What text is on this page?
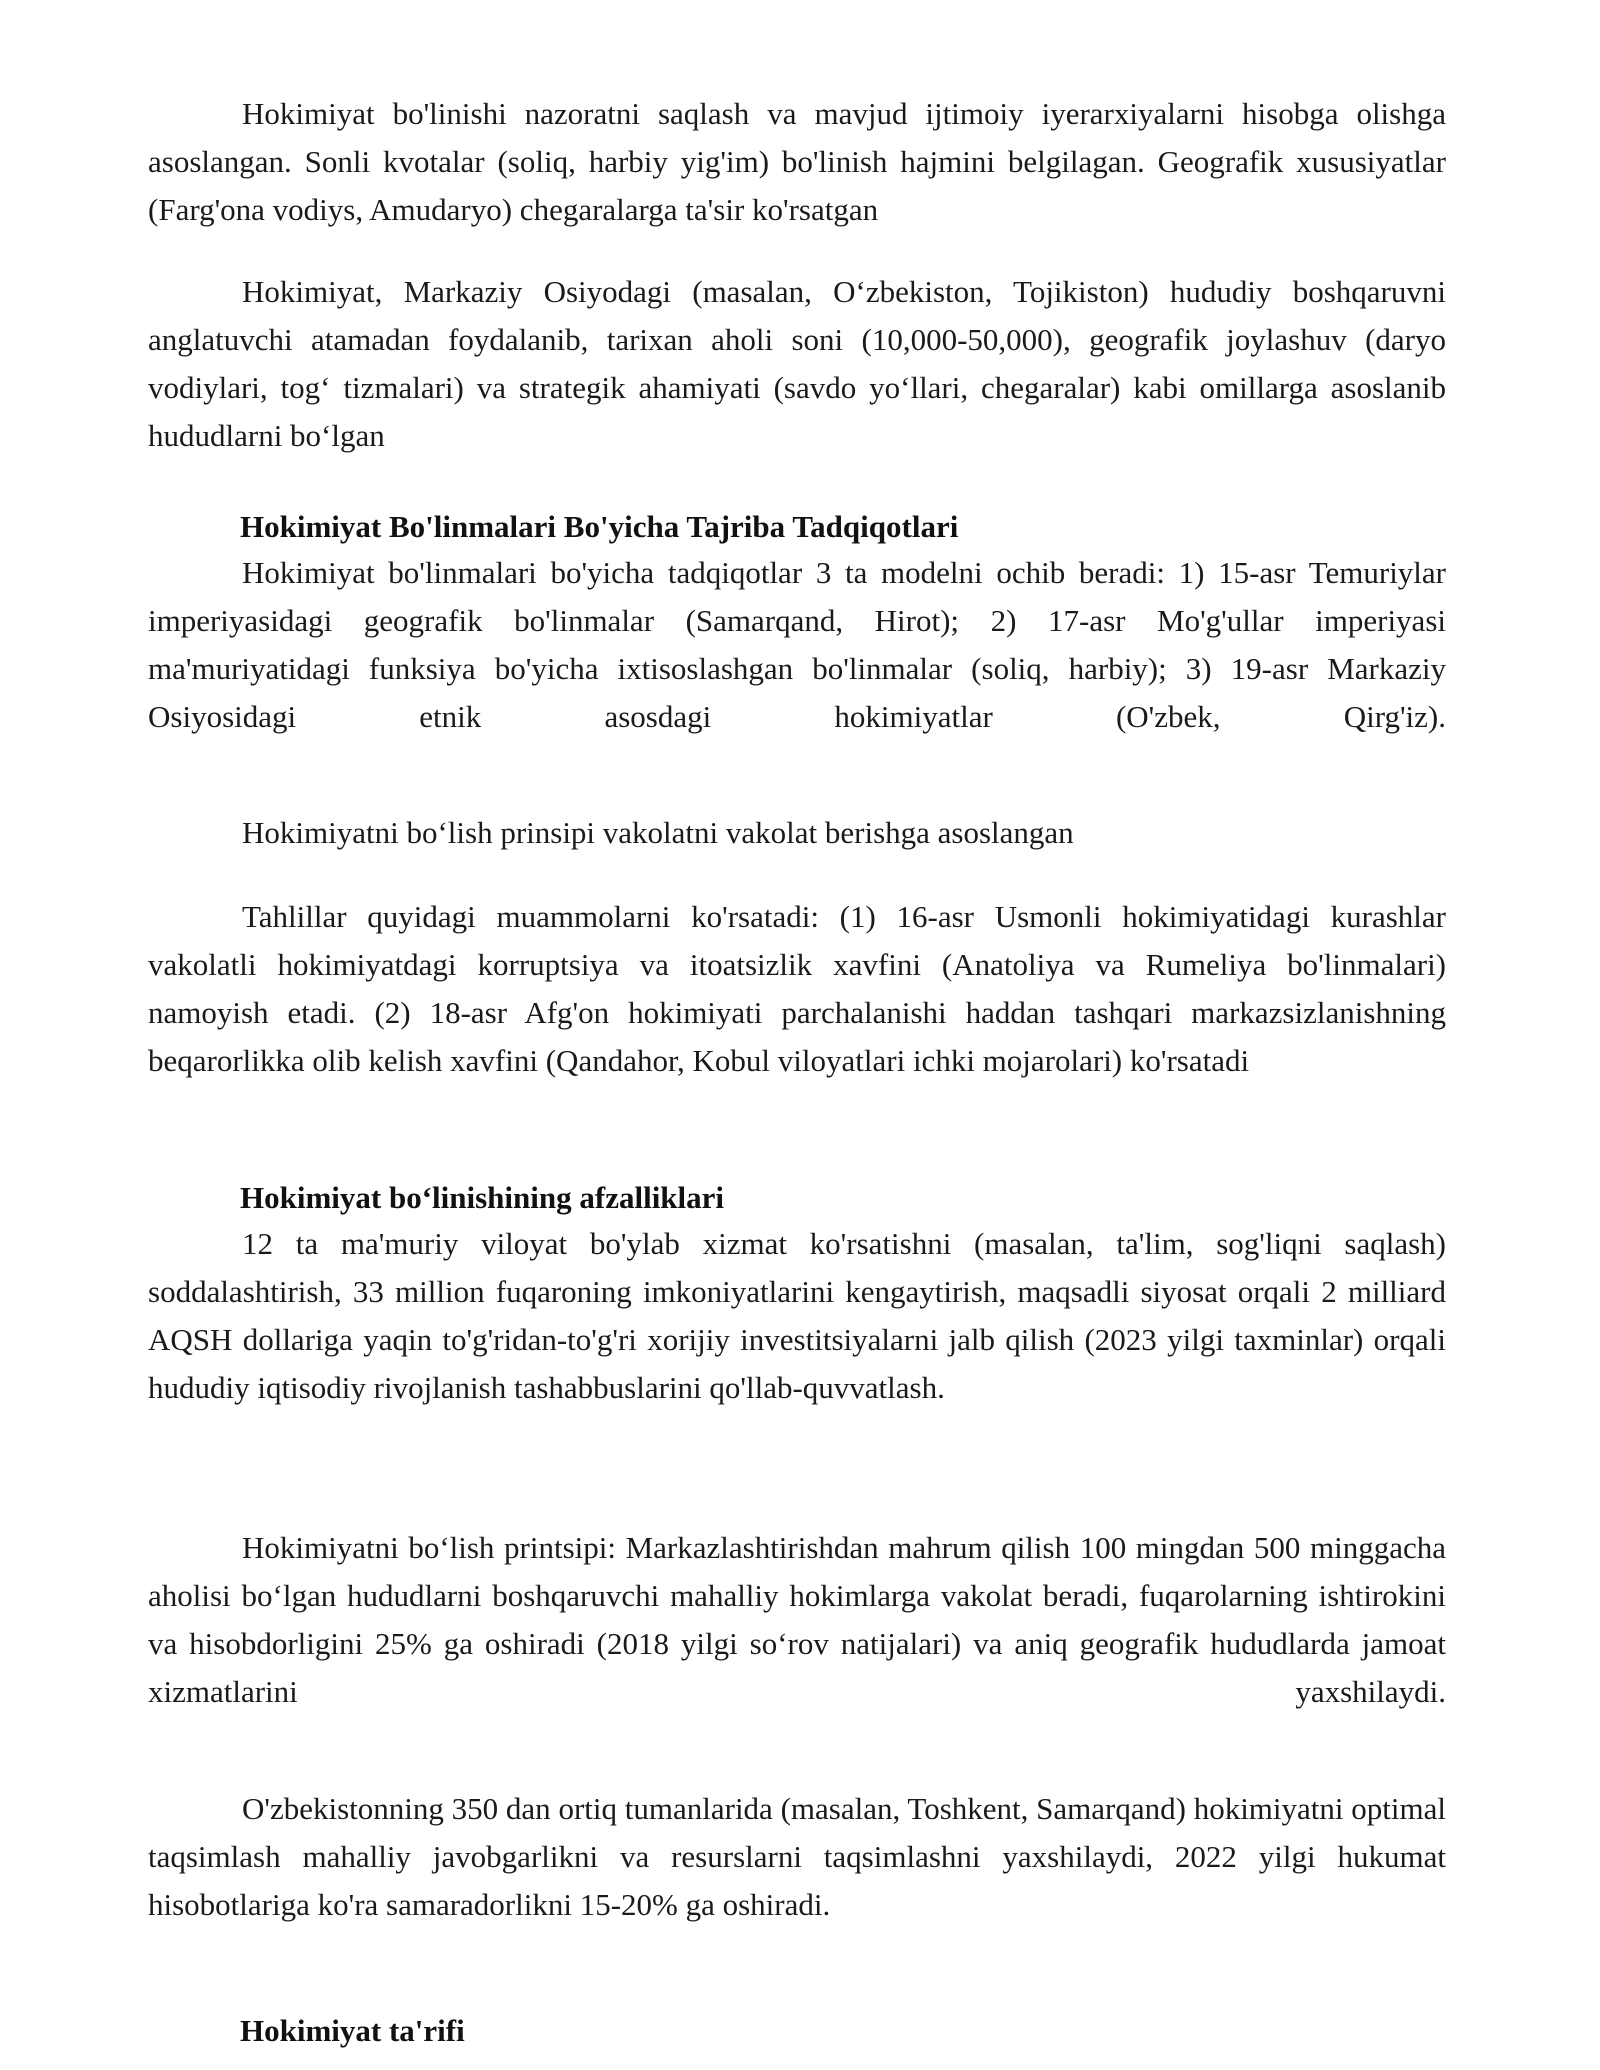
Hokimiyat bo'linishi nazoratni saqlash va mavjud ijtimoiy iyerarxiyalarni hisobga olishga asoslangan. Sonli kvotalar (soliq, harbiy yig'im) bo'linish hajmini belgilagan. Geografik xususiyatlar (Farg'ona vodiys, Amudaryo) chegaralarga ta'sir ko'rsatgan

Hokimiyat, Markaziy Osiyodagi (masalan, O‘zbekiston, Tojikiston) hududiy boshqaruvni anglatuvchi atamadan foydalanib, tarixan aholi soni (10,000-50,000), geografik joylashuv (daryo vodiylari, tog‘ tizmalari) va strategik ahamiyati (savdo yo‘llari, chegaralar) kabi omillarga asoslanib hududlarni bo‘lgan

Hokimiyat Bo'linmalari Bo'yicha Tajriba Tadqiqotlari

Hokimiyat bo'linmalari bo'yicha tadqiqotlar 3 ta modelni ochib beradi: 1) 15-asr Temuriylar imperiyasidagi geografik bo'linmalar (Samarqand, Hirot); 2) 17-asr Mo'g'ullar imperiyasi ma'muriyatidagi funksiya bo'yicha ixtisoslashgan bo'linmalar (soliq, harbiy); 3) 19-asr Markaziy Osiyosidagi etnik asosdagi hokimiyatlar (O'zbek, Qirg'iz).

Hokimiyatni bo‘lish prinsipi vakolatni vakolat berishga asoslangan

Tahlillar quyidagi muammolarni ko'rsatadi: (1) 16-asr Usmonli hokimiyatidagi kurashlar vakolatli hokimiyatdagi korruptsiya va itoatsizlik xavfini (Anatoliya va Rumeliya bo'linmalari) namoyish etadi. (2) 18-asr Afg'on hokimiyati parchalanishi haddan tashqari markazsizlanishning beqarorlikka olib kelish xavfini (Qandahor, Kobul viloyatlari ichki mojarolari) ko'rsatadi

Hokimiyat bo‘linishining afzalliklari

12 ta ma'muriy viloyat bo'ylab xizmat ko'rsatishni (masalan, ta'lim, sog'liqni saqlash) soddalashtirish, 33 million fuqaroning imkoniyatlarini kengaytirish, maqsadli siyosat orqali 2 milliard AQSH dollariga yaqin to'g'ridan-to'g'ri xorijiy investitsiyalarni jalb qilish (2023 yilgi taxminlar) orqali hududiy iqtisodiy rivojlanish tashabbuslarini qo'llab-quvvatlash.

Hokimiyatni bo‘lish printsipi: Markazlashtirishdan mahrum qilish 100 mingdan 500 minggacha aholisi bo‘lgan hududlarni boshqaruvchi mahalliy hokimlarga vakolat beradi, fuqarolarning ishtirokini va hisobdorligini 25% ga oshiradi (2018 yilgi so‘rov natijalari) va aniq geografik hududlarda jamoat xizmatlarini yaxshilaydi.

O'zbekistonning 350 dan ortiq tumanlarida (masalan, Toshkent, Samarqand) hokimiyatni optimal taqsimlash mahalliy javobgarlikni va resurslarni taqsimlashni yaxshilaydi, 2022 yilgi hukumat hisobotlariga ko'ra samaradorlikni 15-20% ga oshiradi.

Hokimiyat ta'rifi
